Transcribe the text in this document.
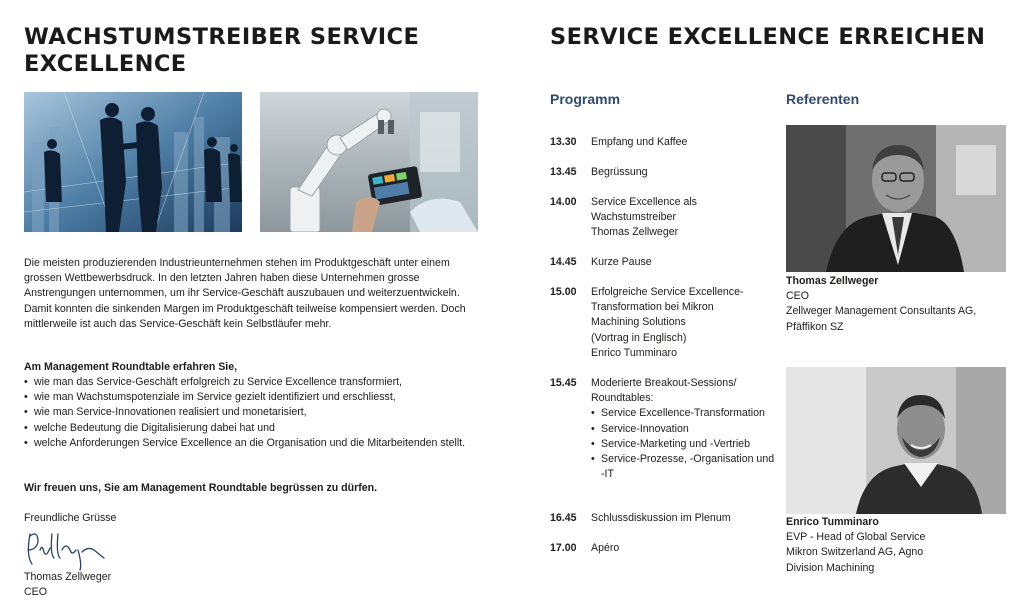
WACHSTUMSTREIBER SERVICE EXCELLENCE
Die meisten produzierenden Industrieunternehmen stehen im Produktgeschäft unter einem grossen Wettbewerbsdruck. In den letzten Jahren haben diese Unternehmen grosse Anstrengungen unternommen, um ihr Service-Geschäft auszubauen und weiterzuentwickeln. Damit konnten die sinkenden Margen im Produktgeschäft teilweise kompensiert werden. Doch mittlerweile ist auch das Service-Geschäft kein Selbstläufer mehr.
Am Management Roundtable erfahren Sie,
• wie man das Service-Geschäft erfolgreich zu Service Excellence transformiert,
• wie man Wachstumspotenziale im Service gezielt identifiziert und erschliesst,
• wie man Service-Innovationen realisiert und monetarisiert,
• welche Bedeutung die Digitalisierung dabei hat und
• welche Anforderungen Service Excellence an die Organisation und die Mitarbeitenden stellt.
Wir freuen uns, Sie am Management Roundtable begrüssen zu dürfen.
Freundliche Grüsse
Thomas Zellweger
CEO
SERVICE EXCELLENCE ERREICHEN
Programm	Referenten
13.30 Empfang und Kaffee
13.45 Begrüssung
14.00 Service Excellence als
Wachstumstreiber
Thomas Zellweger
14.45 Kurze Pause
15.00 Erfolgreiche Service Excellence-
Transformation bei Mikron
Machining Solutions
(Vortrag in Englisch)
Enrico Tumminaro
15.45 Moderierte Breakout-Sessions/
Roundtables:
• Service Excellence-Transformation
• Service-Innovation
• Service-Marketing und -Vertrieb
• Service-Prozesse, -Organisation und -IT
16.45 Schlussdiskussion im Plenum
17.00 Apéro
Thomas Zellweger
CEO
Zellweger Management Consultants AG,
Pfäffikon SZ
Enrico Tumminaro
EVP - Head of Global Service
Mikron Switzerland AG, Agno
Division Machining
